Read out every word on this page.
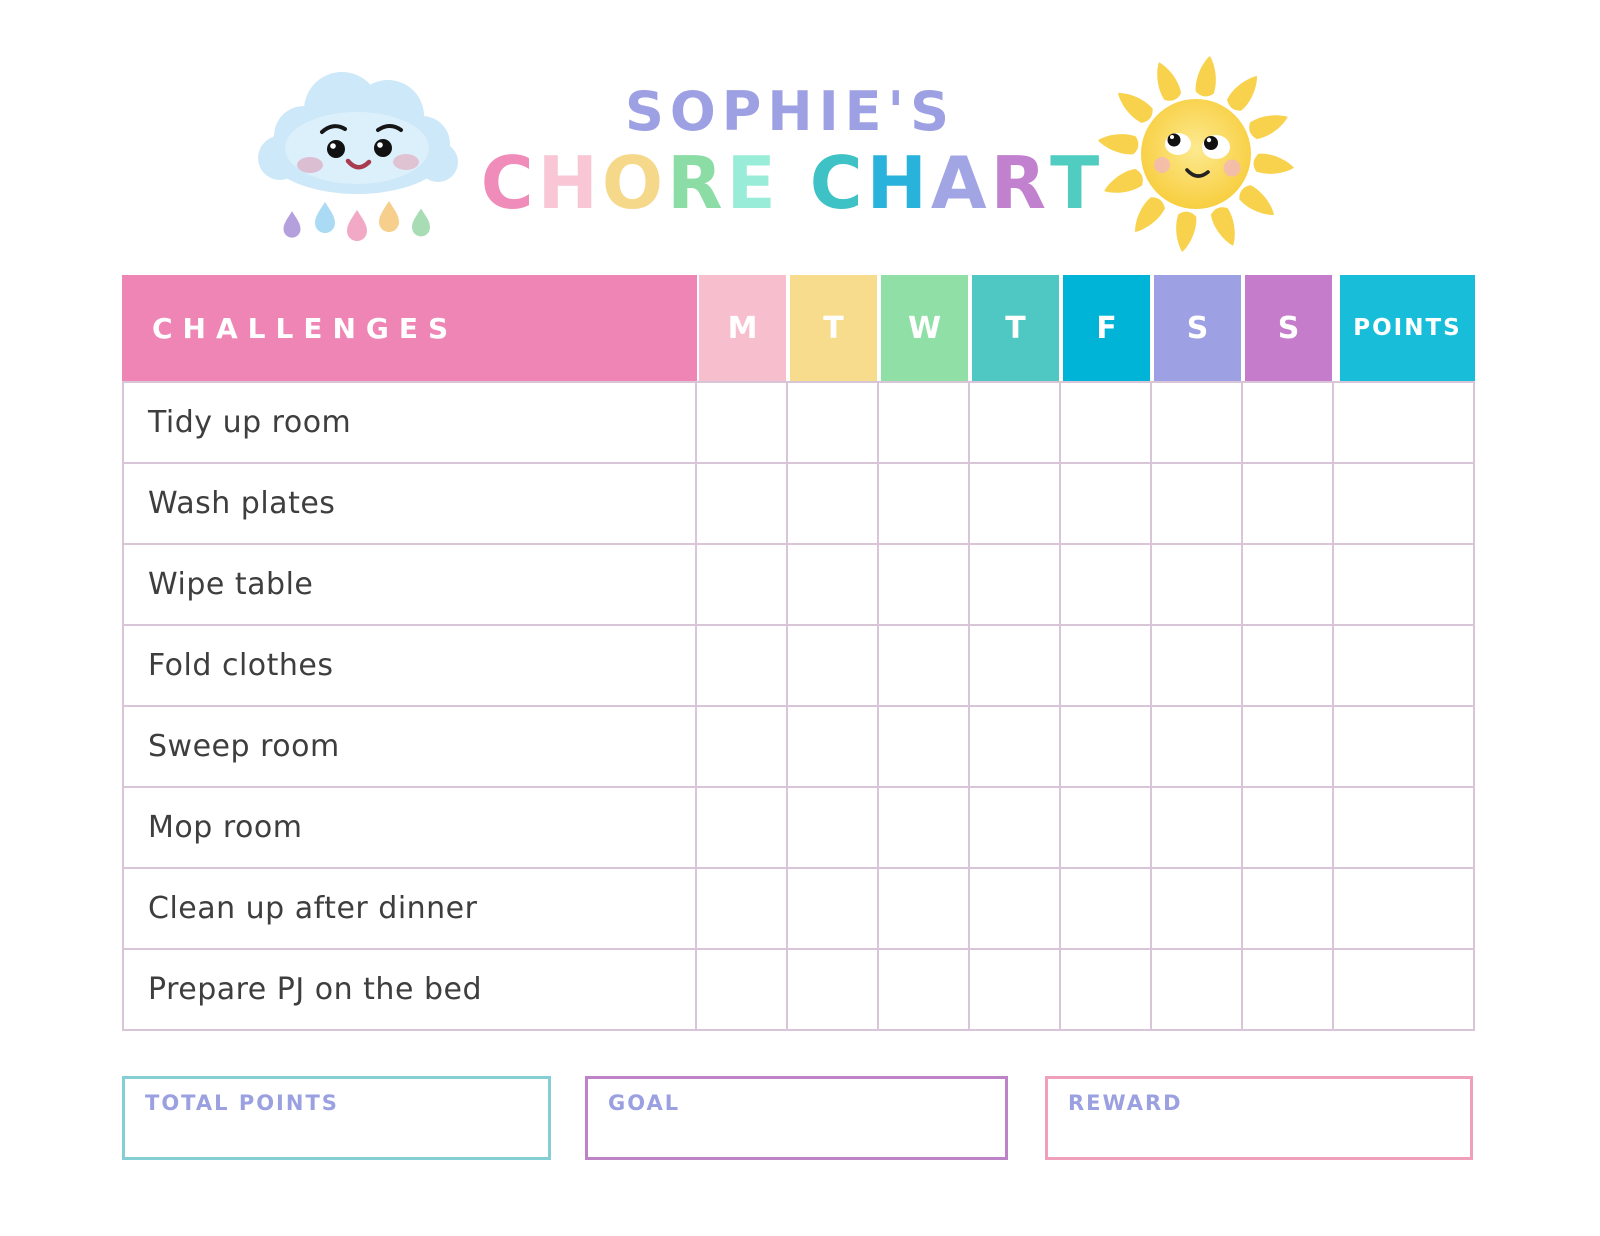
SOPHIE'S
CHORE CHART
CHALLENGES	M	T	W	T	F	S	S	POINTS
Tidy up room
Wash plates
Wipe table
Fold clothes
Sweep room
Mop room
Clean up after dinner
Prepare PJ on the bed
TOTAL POINTS	GOAL	REWARD
